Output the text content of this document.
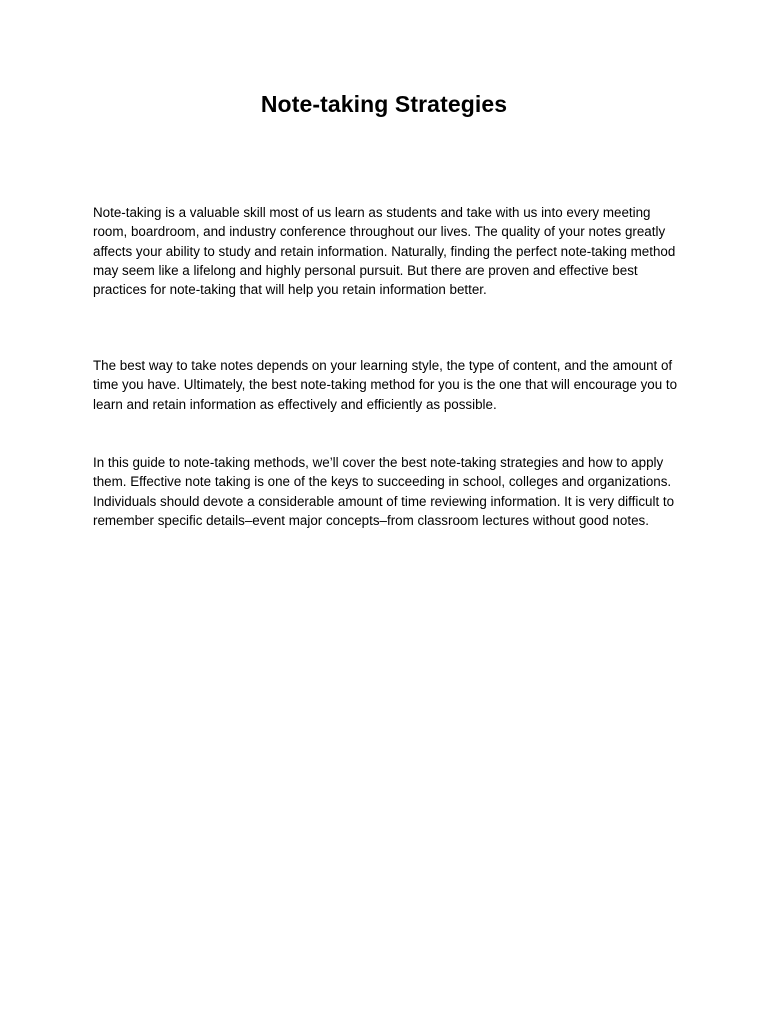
Note-taking Strategies

Note-taking is a valuable skill most of us learn as students and take with us into every meeting room, boardroom, and industry conference throughout our lives. The quality of your notes greatly affects your ability to study and retain information. Naturally, finding the perfect note-taking method may seem like a lifelong and highly personal pursuit. But there are proven and effective best practices for note-taking that will help you retain information better.

The best way to take notes depends on your learning style, the type of content, and the amount of time you have. Ultimately, the best note-taking method for you is the one that will encourage you to learn and retain information as effectively and efficiently as possible.

In this guide to note-taking methods, we’ll cover the best note-taking strategies and how to apply them. Effective note taking is one of the keys to succeeding in school, colleges and organizations. Individuals should devote a considerable amount of time reviewing information. It is very difficult to remember specific details–event major concepts–from classroom lectures without good notes.
